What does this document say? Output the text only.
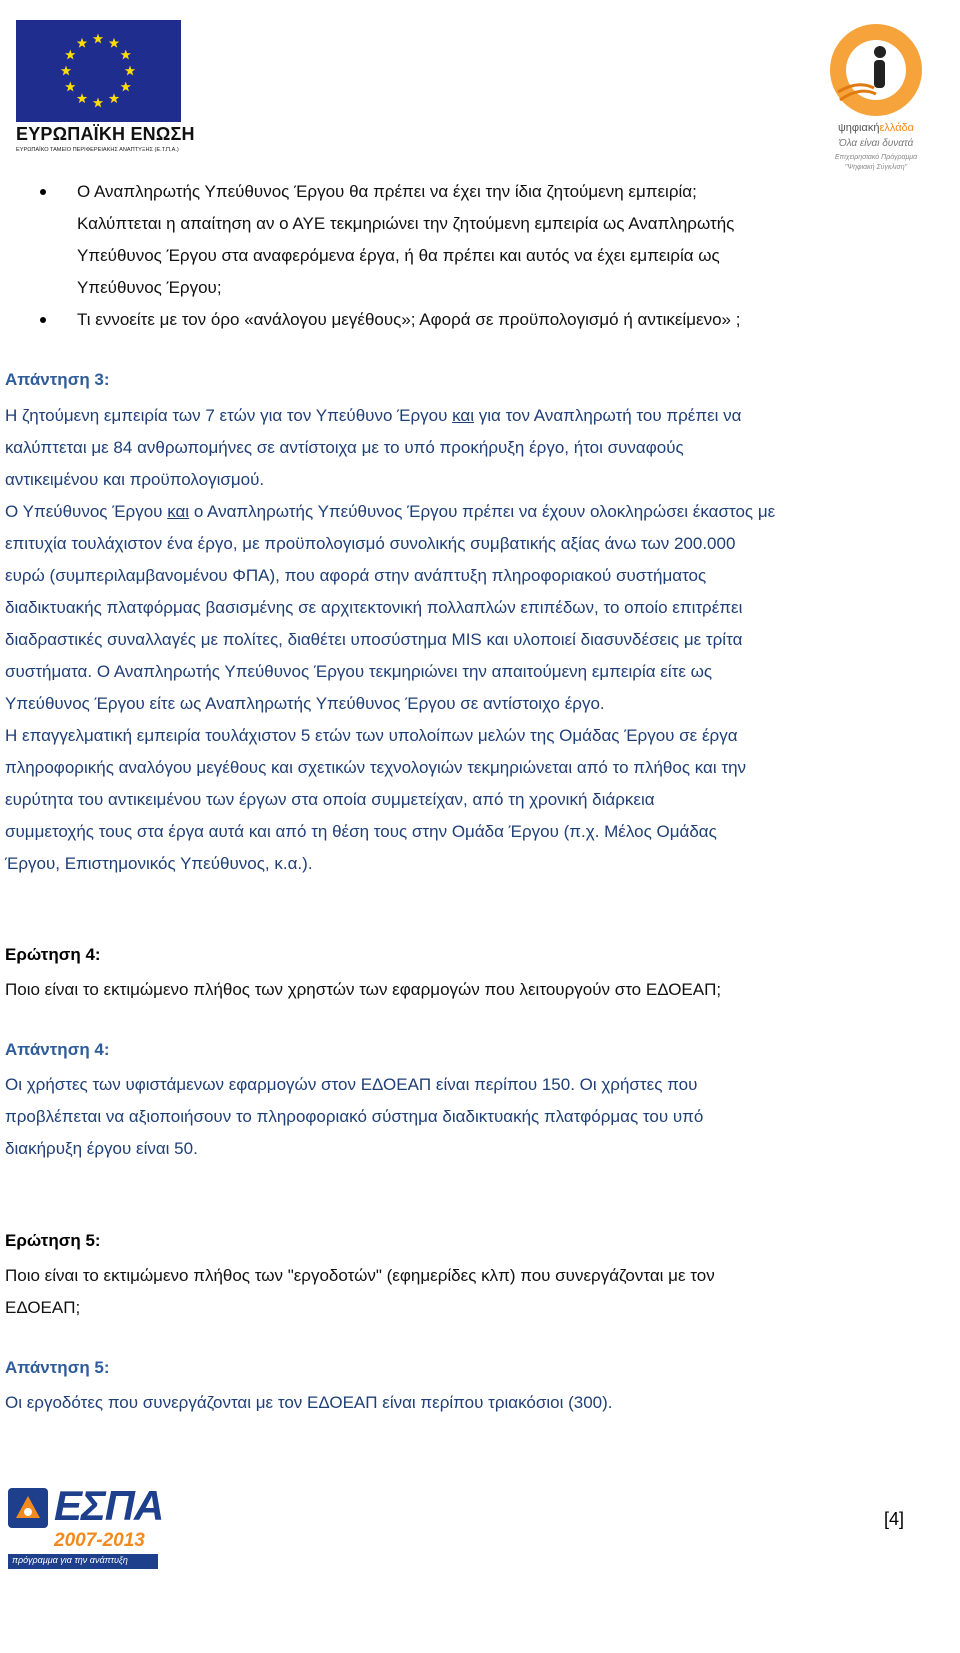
ΕΥΡΩΠΑΪΚΗ ΕΝΩΣΗ
ΕΥΡΩΠΑΪΚΟ ΤΑΜΕΙΟ ΠΕΡΙΦΕΡΕΙΑΚΗΣ ΑΝΑΠΤΥΞΗΣ (Ε.Τ.Π.Α.)
ψηφιακήελλάδα
Όλα είναι δυνατά
Επιχειρησιακό Πρόγραμμα
"Ψηφιακή Σύγκλιση"
Ο Αναπληρωτής Υπεύθυνος Έργου θα πρέπει να έχει την ίδια ζητούμενη εμπειρία;
Καλύπτεται η απαίτηση αν ο ΑΥΕ τεκμηριώνει την ζητούμενη εμπειρία ως Αναπληρωτής
Υπεύθυνος Έργου στα αναφερόμενα έργα, ή θα πρέπει και αυτός να έχει εμπειρία ως
Υπεύθυνος Έργου;
Τι εννοείτε με τον όρο «ανάλογου μεγέθους»; Αφορά σε προϋπολογισμό ή αντικείμενο» ;
Απάντηση 3:
Η ζητούμενη εμπειρία των 7 ετών για τον Υπεύθυνο Έργου και για τον Αναπληρωτή του πρέπει να
καλύπτεται με 84 ανθρωπομήνες σε αντίστοιχα με το υπό προκήρυξη έργο, ήτοι συναφούς
αντικειμένου και προϋπολογισμού.
Ο Υπεύθυνος Έργου και ο Αναπληρωτής Υπεύθυνος Έργου πρέπει να έχουν ολοκληρώσει έκαστος με
επιτυχία τουλάχιστον ένα έργο, με προϋπολογισμό συνολικής συμβατικής αξίας άνω των 200.000
ευρώ (συμπεριλαμβανομένου ΦΠΑ), που αφορά στην ανάπτυξη πληροφοριακού συστήματος
διαδικτυακής πλατφόρμας βασισμένης σε αρχιτεκτονική πολλαπλών επιπέδων, το οποίο επιτρέπει
διαδραστικές συναλλαγές με πολίτες, διαθέτει υποσύστημα MIS και υλοποιεί διασυνδέσεις με τρίτα
συστήματα. Ο Αναπληρωτής Υπεύθυνος Έργου τεκμηριώνει την απαιτούμενη εμπειρία είτε ως
Υπεύθυνος Έργου είτε ως Αναπληρωτής Υπεύθυνος Έργου σε αντίστοιχο έργο.
Η επαγγελματική εμπειρία τουλάχιστον 5 ετών των υπολοίπων μελών της Ομάδας Έργου σε έργα
πληροφορικής αναλόγου μεγέθους και σχετικών τεχνολογιών τεκμηριώνεται από το πλήθος και την
ευρύτητα του αντικειμένου των έργων στα οποία συμμετείχαν, από τη χρονική διάρκεια
συμμετοχής τους στα έργα αυτά και από τη θέση τους στην Ομάδα Έργου (π.χ. Μέλος Ομάδας
Έργου, Επιστημονικός Υπεύθυνος, κ.α.).
Ερώτηση 4:
Ποιο είναι το εκτιμώμενο πλήθος των χρηστών των εφαρμογών που λειτουργούν στο ΕΔΟΕΑΠ;
Απάντηση 4:
Οι χρήστες των υφιστάμενων εφαρμογών στον ΕΔΟΕΑΠ είναι περίπου 150. Οι χρήστες που
προβλέπεται να αξιοποιήσουν το πληροφοριακό σύστημα διαδικτυακής πλατφόρμας του υπό
διακήρυξη έργου είναι 50.
Ερώτηση 5:
Ποιο είναι το εκτιμώμενο πλήθος των "εργοδοτών" (εφημερίδες κλπ) που συνεργάζονται με τον
ΕΔΟΕΑΠ;
Απάντηση 5:
Οι εργοδότες που συνεργάζονται με τον ΕΔΟΕΑΠ είναι περίπου τριακόσιοι (300).
ΕΣΠΑ
2007-2013
πρόγραμμα για την ανάπτυξη
[4]
